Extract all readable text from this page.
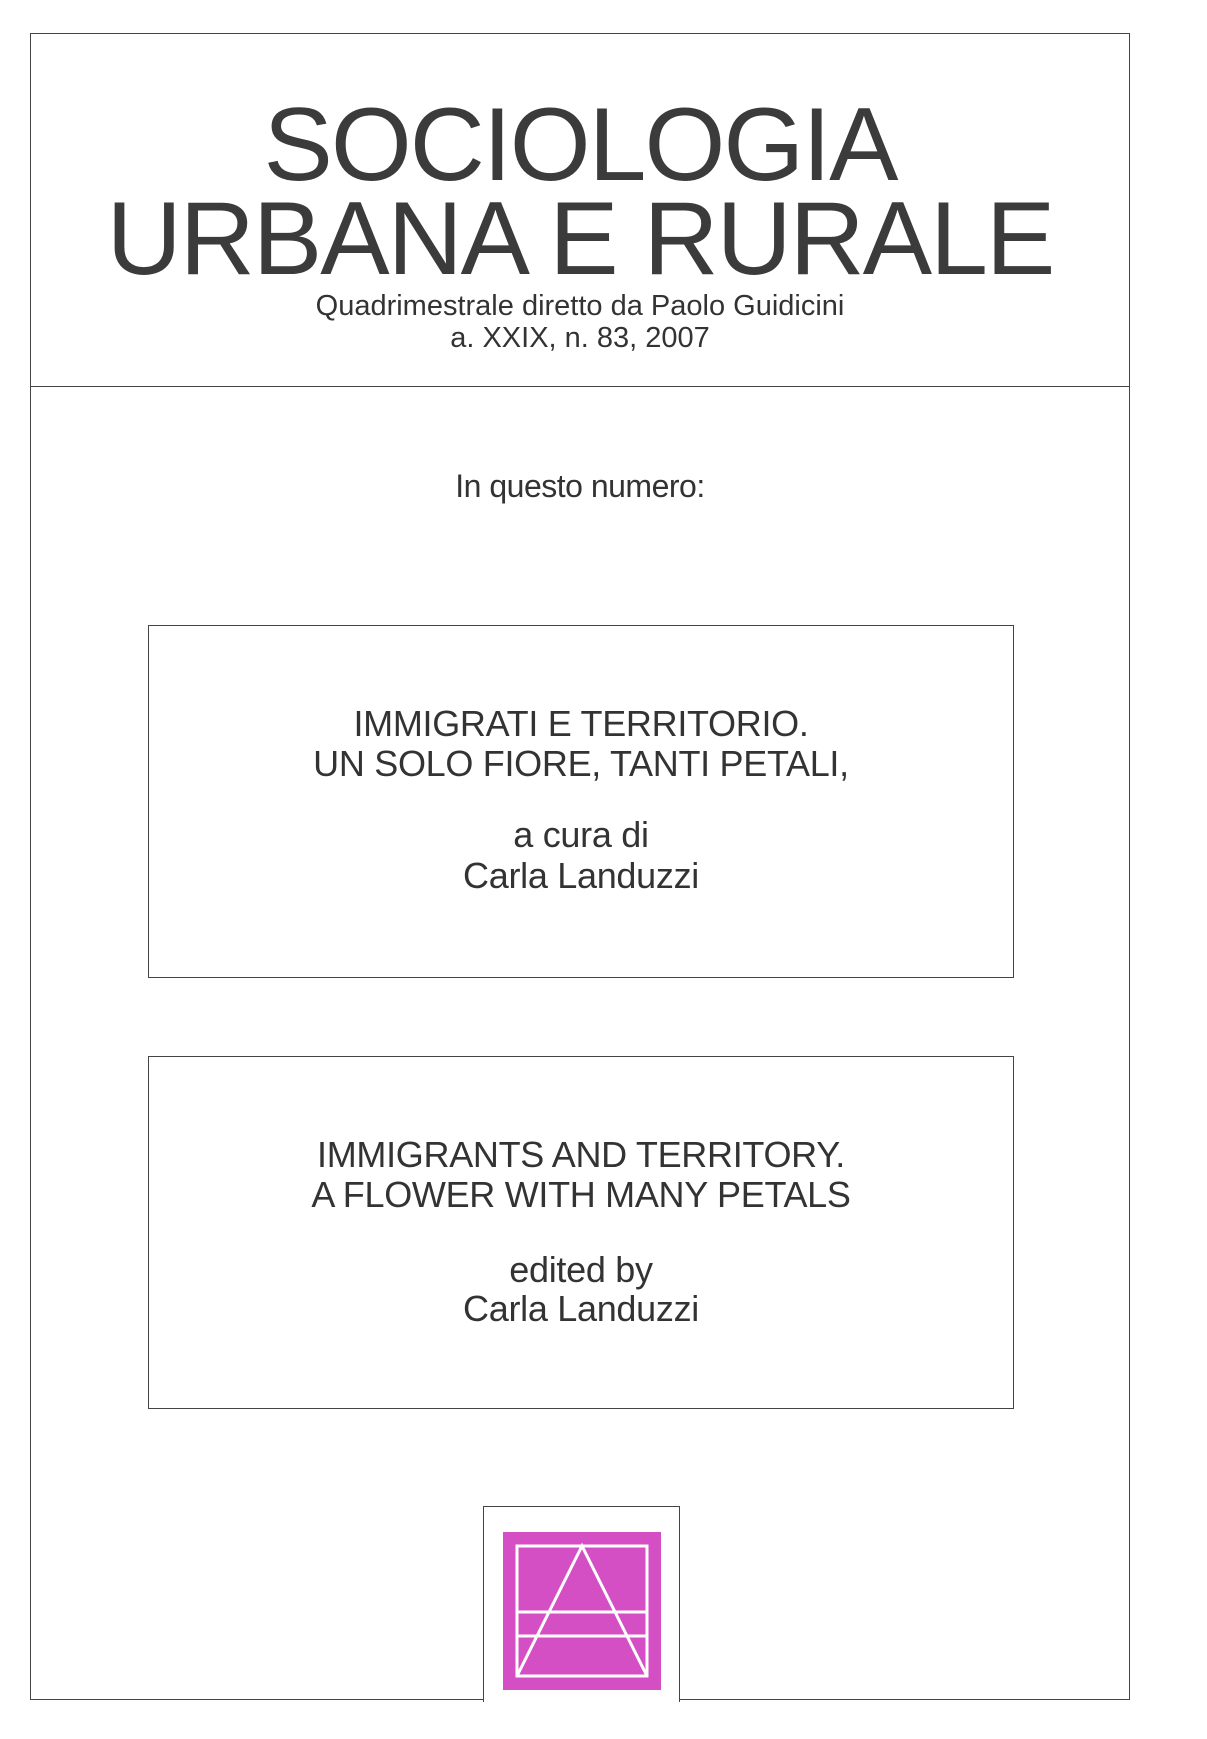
SOCIOLOGIA
URBANA E RURALE
Quadrimestrale diretto da Paolo Guidicini
a. XXIX, n. 83, 2007
In questo numero:
IMMIGRATI E TERRITORIO.
UN SOLO FIORE, TANTI PETALI,
a cura di
Carla Landuzzi
IMMIGRANTS AND TERRITORY.
A FLOWER WITH MANY PETALS
edited by
Carla Landuzzi
